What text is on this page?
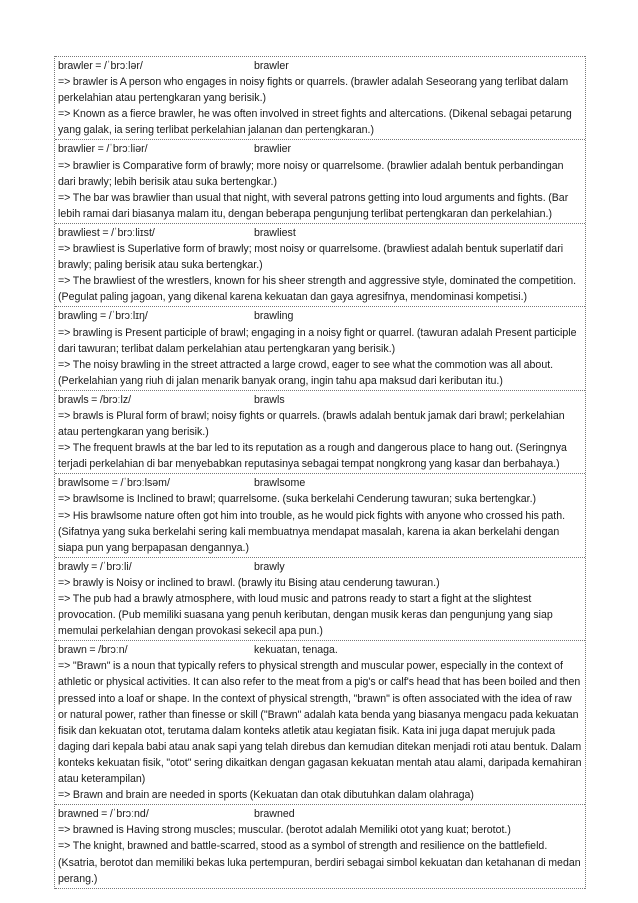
brawler = /ˈbrɔːlər/	brawler
=> brawler is A person who engages in noisy fights or quarrels. (brawler adalah Seseorang yang terlibat dalam perkelahian atau pertengkaran yang berisik.)
=> Known as a fierce brawler, he was often involved in street fights and altercations. (Dikenal sebagai petarung yang galak, ia sering terlibat perkelahian jalanan dan pertengkaran.)
brawlier = /ˈbrɔːliər/	brawlier
=> brawlier is Comparative form of brawly; more noisy or quarrelsome. (brawlier adalah bentuk perbandingan dari brawly; lebih berisik atau suka bertengkar.)
=> The bar was brawlier than usual that night, with several patrons getting into loud arguments and fights. (Bar lebih ramai dari biasanya malam itu, dengan beberapa pengunjung terlibat pertengkaran dan perkelahian.)
brawliest = /ˈbrɔːliɪst/	brawliest
=> brawliest is Superlative form of brawly; most noisy or quarrelsome. (brawliest adalah bentuk superlatif dari brawly; paling berisik atau suka bertengkar.)
=> The brawliest of the wrestlers, known for his sheer strength and aggressive style, dominated the competition. (Pegulat paling jagoan, yang dikenal karena kekuatan dan gaya agresifnya, mendominasi kompetisi.)
brawling = /ˈbrɔːlɪŋ/	brawling
=> brawling is Present participle of brawl; engaging in a noisy fight or quarrel. (tawuran adalah Present participle dari tawuran; terlibat dalam perkelahian atau pertengkaran yang berisik.)
=> The noisy brawling in the street attracted a large crowd, eager to see what the commotion was all about. (Perkelahian yang riuh di jalan menarik banyak orang, ingin tahu apa maksud dari keributan itu.)
brawls = /brɔːlz/	brawls
=> brawls is Plural form of brawl; noisy fights or quarrels. (brawls adalah bentuk jamak dari brawl; perkelahian atau pertengkaran yang berisik.)
=> The frequent brawls at the bar led to its reputation as a rough and dangerous place to hang out. (Seringnya terjadi perkelahian di bar menyebabkan reputasinya sebagai tempat nongkrong yang kasar dan berbahaya.)
brawlsome = /ˈbrɔːlsəm/	brawlsome
=> brawlsome is Inclined to brawl; quarrelsome. (suka berkelahi Cenderung tawuran; suka bertengkar.)
=> His brawlsome nature often got him into trouble, as he would pick fights with anyone who crossed his path. (Sifatnya yang suka berkelahi sering kali membuatnya mendapat masalah, karena ia akan berkelahi dengan siapa pun yang berpapasan dengannya.)
brawly = /ˈbrɔːli/	brawly
=> brawly is Noisy or inclined to brawl. (brawly itu Bising atau cenderung tawuran.)
=> The pub had a brawly atmosphere, with loud music and patrons ready to start a fight at the slightest provocation. (Pub memiliki suasana yang penuh keributan, dengan musik keras dan pengunjung yang siap memulai perkelahian dengan provokasi sekecil apa pun.)
brawn = /brɔːn/	kekuatan, tenaga.
=> "Brawn" is a noun that typically refers to physical strength and muscular power, especially in the context of athletic or physical activities. It can also refer to the meat from a pig's or calf's head that has been boiled and then pressed into a loaf or shape. In the context of physical strength, "brawn" is often associated with the idea of raw or natural power, rather than finesse or skill ("Brawn" adalah kata benda yang biasanya mengacu pada kekuatan fisik dan kekuatan otot, terutama dalam konteks atletik atau kegiatan fisik. Kata ini juga dapat merujuk pada daging dari kepala babi atau anak sapi yang telah direbus dan kemudian ditekan menjadi roti atau bentuk. Dalam konteks kekuatan fisik, "otot" sering dikaitkan dengan gagasan kekuatan mentah atau alami, daripada kemahiran atau keterampilan)
=> Brawn and brain are needed in sports (Kekuatan dan otak dibutuhkan dalam olahraga)
brawned = /ˈbrɔːnd/	brawned
=> brawned is Having strong muscles; muscular. (berotot adalah Memiliki otot yang kuat; berotot.)
=> The knight, brawned and battle-scarred, stood as a symbol of strength and resilience on the battlefield. (Ksatria, berotot dan memiliki bekas luka pertempuran, berdiri sebagai simbol kekuatan dan ketahanan di medan perang.)
